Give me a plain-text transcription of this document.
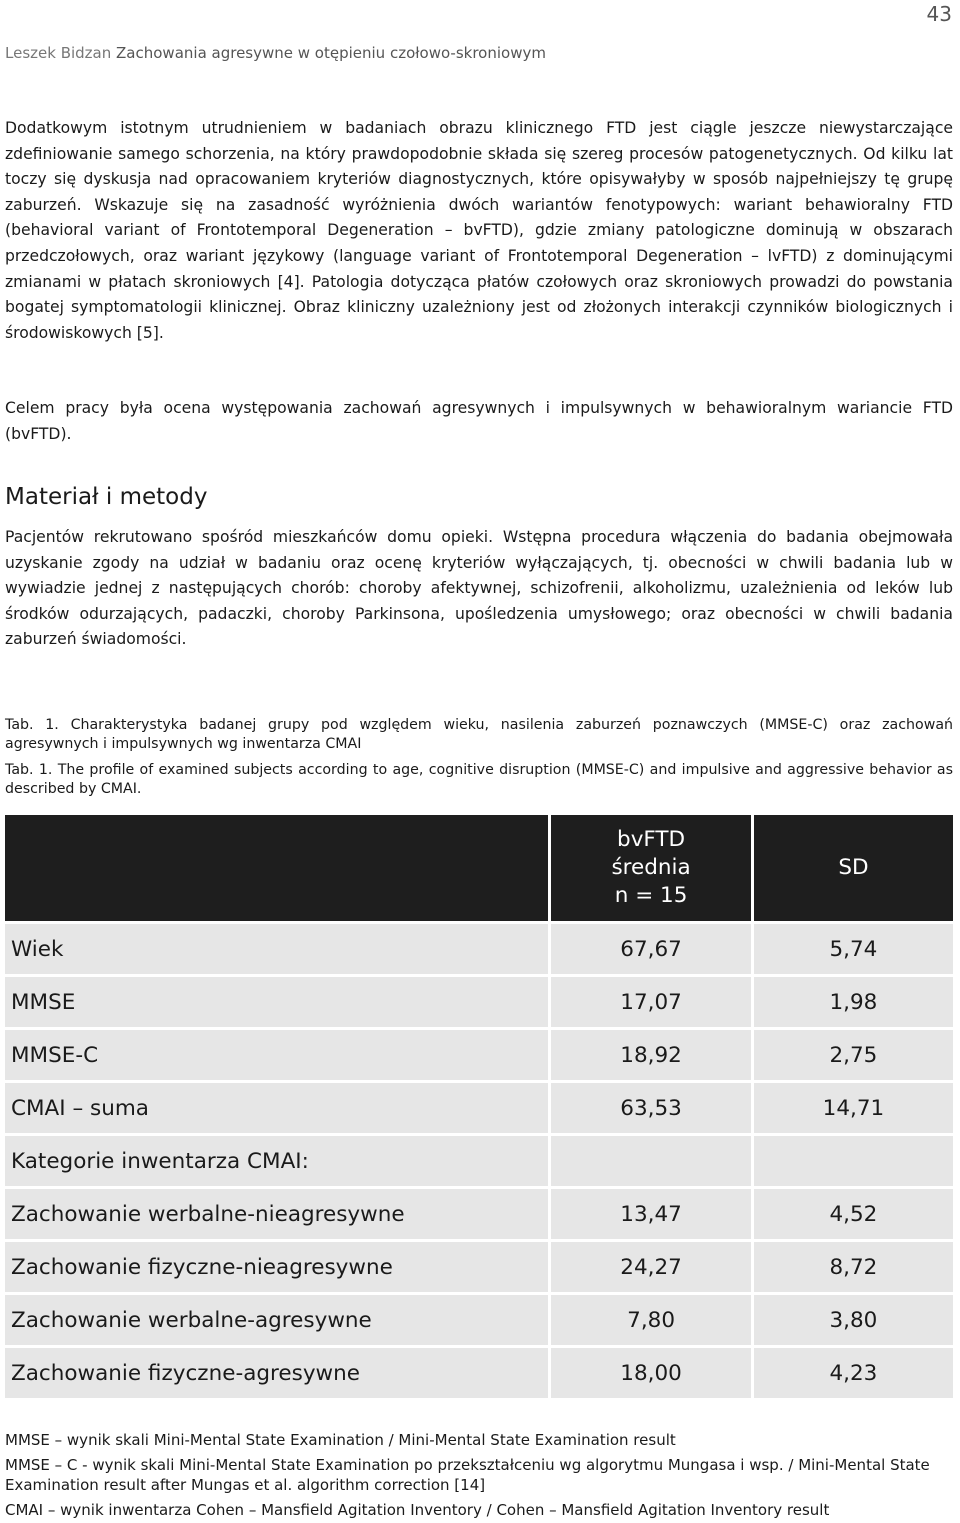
43
Leszek Bidzan Zachowania agresywne w otępieniu czołowo-skroniowym

Dodatkowym istotnym utrudnieniem w badaniach obrazu klinicznego FTD jest ciągle jeszcze niewystarczające zdefiniowanie samego schorzenia, na który prawdopodobnie składa się szereg procesów patogenetycznych. Od kilku lat toczy się dyskusja nad opracowaniem kryteriów diagnostycznych, które opisywałyby w sposób najpełniejszy tę grupę zaburzeń. Wskazuje się na zasadność wyróżnienia dwóch wariantów fenotypowych: wariant behawioralny FTD (behavioral variant of Frontotemporal Degeneration – bvFTD), gdzie zmiany patologiczne dominują w obszarach przedczołowych, oraz wariant językowy (language variant of Frontotemporal Degeneration – lvFTD) z dominującymi zmianami w płatach skroniowych [4]. Patologia dotycząca płatów czołowych oraz skroniowych prowadzi do powstania bogatej symptomatologii klinicznej. Obraz kliniczny uzależniony jest od złożonych interakcji czynników biologicznych i środowiskowych [5].

Celem pracy była ocena występowania zachowań agresywnych i impulsywnych w behawioralnym wariancie FTD (bvFTD).

Materiał i metody

Pacjentów rekrutowano spośród mieszkańców domu opieki. Wstępna procedura włączenia do badania obejmowała uzyskanie zgody na udział w badaniu oraz ocenę kryteriów wyłączających, tj. obecności w chwili badania lub w wywiadzie jednej z następujących chorób: choroby afektywnej, schizofrenii, alkoholizmu, uzależnienia od leków lub środków odurzających, padaczki, choroby Parkinsona, upośledzenia umysłowego; oraz obecności w chwili badania zaburzeń świadomości.

Tab. 1. Charakterystyka badanej grupy pod względem wieku, nasilenia zaburzeń poznawczych (MMSE-C) oraz zachowań agresywnych i impulsywnych wg inwentarza CMAI

Tab. 1. The profile of examined subjects according to age, cognitive disruption (MMSE-C) and impulsive and aggressive behavior as described by CMAI.

	bvFTD
średnia
n = 15	SD
Wiek	67,67	5,74
MMSE	17,07	1,98
MMSE-C	18,92	2,75
CMAI – suma	63,53	14,71
Kategorie inwentarza CMAI:		
Zachowanie werbalne-nieagresywne	13,47	4,52
Zachowanie fizyczne-nieagresywne	24,27	8,72
Zachowanie werbalne-agresywne	7,80	3,80
Zachowanie fizyczne-agresywne	18,00	4,23
MMSE – wynik skali Mini-Mental State Examination / Mini-Mental State Examination result
MMSE – C - wynik skali Mini-Mental State Examination po przekształceniu wg algorytmu Mungasa i wsp. / Mini-Mental State Examination result after Mungas et al. algorithm correction [14]
CMAI – wynik inwentarza Cohen – Mansfield Agitation Inventory / Cohen – Mansfield Agitation Inventory result
